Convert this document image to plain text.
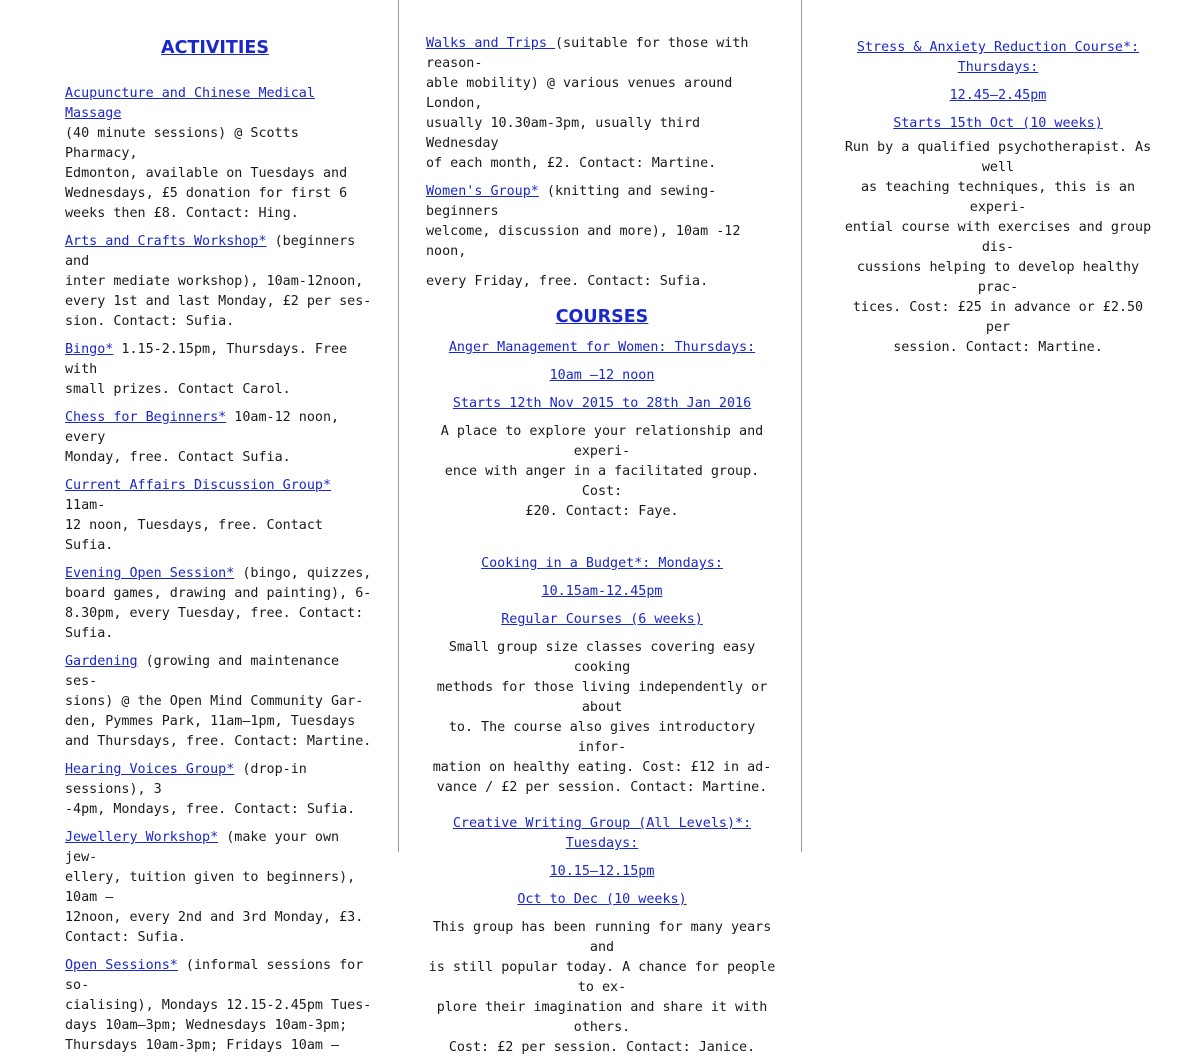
ACTIVITIES

Acupuncture and Chinese Medical Massage
(40 minute sessions) @ Scotts Pharmacy,
Edmonton, available on Tuesdays and
Wednesdays, £5 donation for first 6
weeks then £8. Contact: Hing.
Arts and Crafts Workshop* (beginners and
inter mediate workshop), 10am-12noon,
every 1st and last Monday, £2 per ses-
sion. Contact: Sufia.
Bingo* 1.15-2.15pm, Thursdays. Free with
small prizes. Contact Carol.
Chess for Beginners* 10am-12 noon, every
Monday, free. Contact Sufia.
Current Affairs Discussion Group* 11am-
12 noon, Tuesdays, free. Contact Sufia.
Evening Open Session* (bingo, quizzes,
board games, drawing and painting), 6-
8.30pm, every Tuesday, free. Contact:
Sufia.
Gardening (growing and maintenance ses-
sions) @ the Open Mind Community Gar-
den, Pymmes Park, 11am—1pm, Tuesdays
and Thursdays, free. Contact: Martine.
Hearing Voices Group* (drop-in sessions), 3
-4pm, Mondays, free. Contact: Sufia.
Jewellery Workshop* (make your own jew-
ellery, tuition given to beginners), 10am –
12noon, every 2nd and 3rd Monday, £3.
Contact: Sufia.
Open Sessions* (informal sessions for so-
cialising), Mondays 12.15-2.45pm Tues-
days 10am—3pm; Wednesdays 10am-3pm;
Thursdays 10am-3pm; Fridays 10am –
Walks and Trips (suitable for those with reason-
able mobility) @ various venues around London,
usually 10.30am-3pm, usually third Wednesday
of each month, £2. Contact: Martine.
Women's Group* (knitting and sewing-beginners
welcome, discussion and more), 10am -12 noon,
every Friday, free. Contact: Sufia.

COURSES

Anger Management for Women: Thursdays:
10am –12 noon
Starts 12th Nov 2015 to 28th Jan 2016
A place to explore your relationship and experi-
ence with anger in a facilitated group. Cost:
£20. Contact: Faye.
Cooking in a Budget*: Mondays:
10.15am-12.45pm
Regular Courses (6 weeks)
Small group size classes covering easy cooking
methods for those living independently or about
to. The course also gives introductory infor-
mation on healthy eating. Cost: £12 in ad-
vance / £2 per session. Contact: Martine.
Creative Writing Group (All Levels)*: Tuesdays:
10.15—12.15pm
Oct to Dec (10 weeks)
This group has been running for many years and
is still popular today. A chance for people to ex-
plore their imagination and share it with others.
Cost: £2 per session. Contact: Janice.
Stress & Anxiety Reduction Course*:
Thursdays:
12.45—2.45pm
Starts 15th Oct (10 weeks)
Run by a qualified psychotherapist. As well
as teaching techniques, this is an experi-
ential course with exercises and group dis-
cussions helping to develop healthy prac-
tices. Cost: £25 in advance or £2.50 per
session. Contact: Martine.
